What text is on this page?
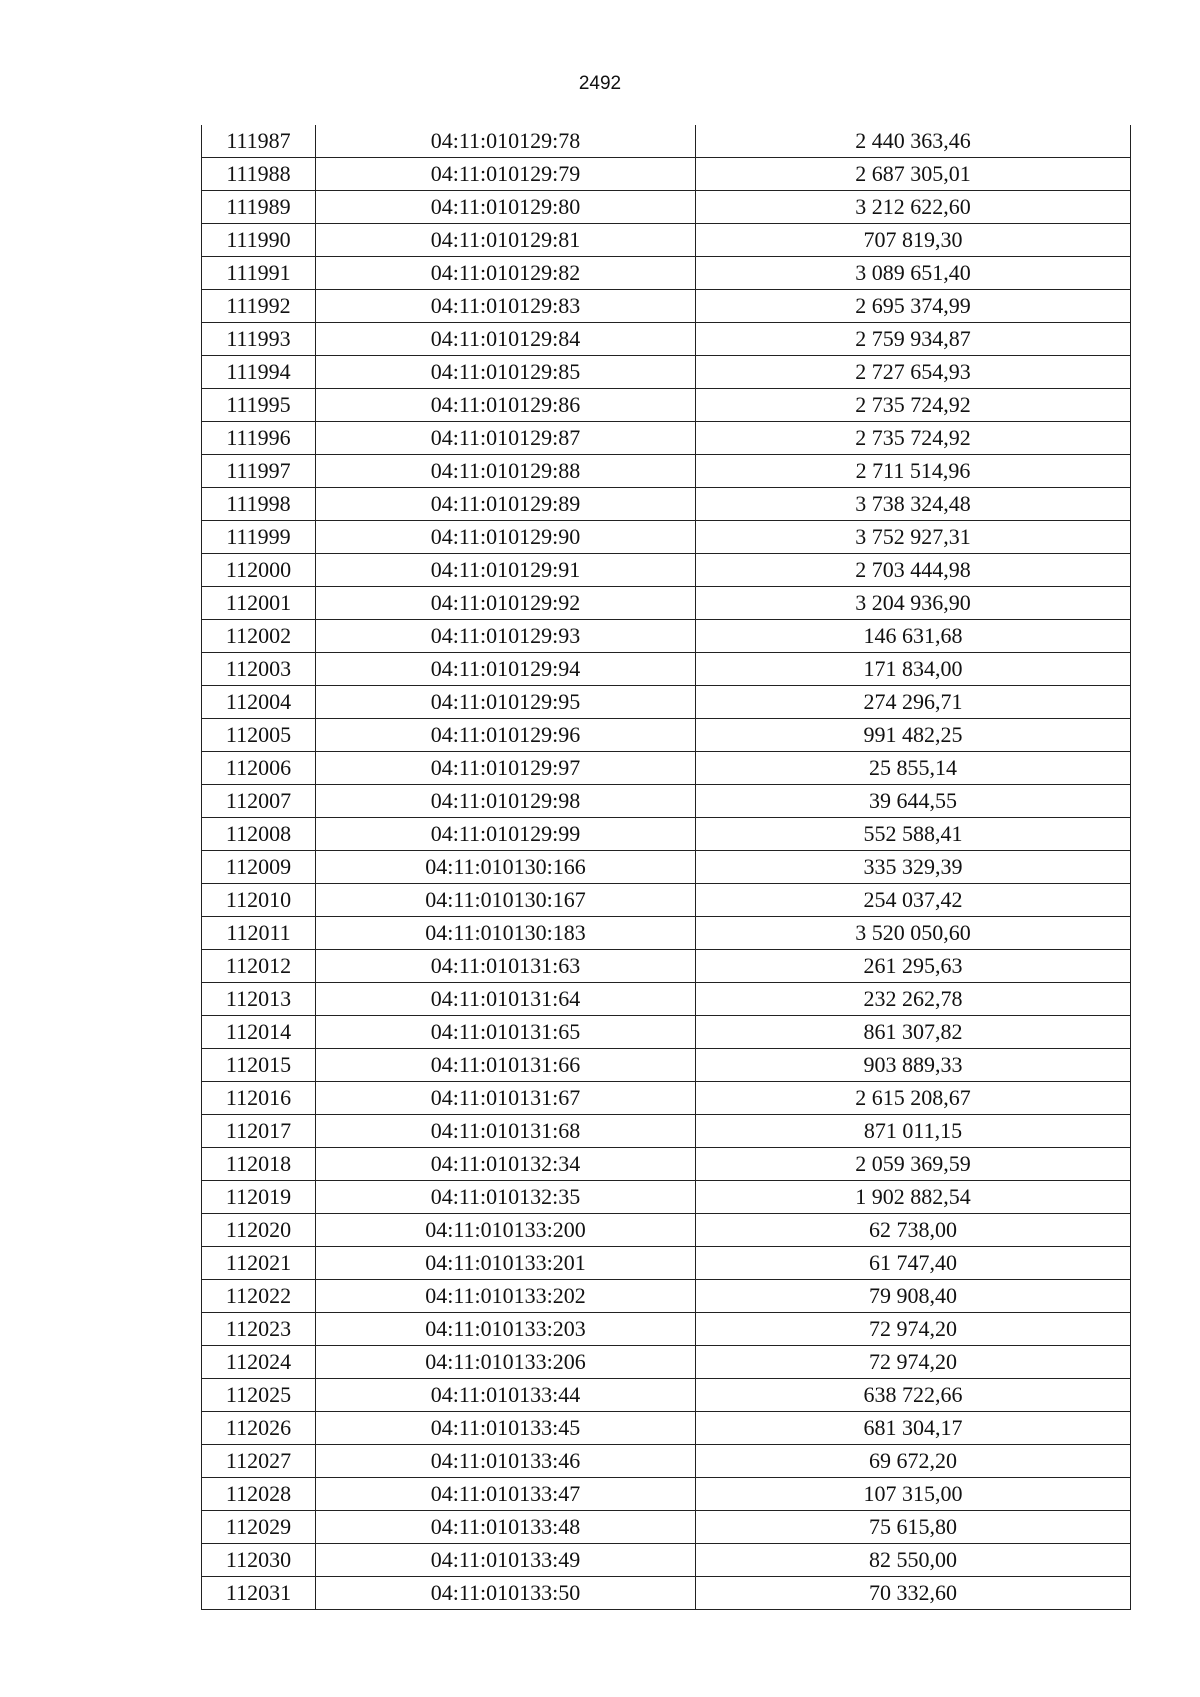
2492
111987	04:11:010129:78	2 440 363,46
111988	04:11:010129:79	2 687 305,01
111989	04:11:010129:80	3 212 622,60
111990	04:11:010129:81	707 819,30
111991	04:11:010129:82	3 089 651,40
111992	04:11:010129:83	2 695 374,99
111993	04:11:010129:84	2 759 934,87
111994	04:11:010129:85	2 727 654,93
111995	04:11:010129:86	2 735 724,92
111996	04:11:010129:87	2 735 724,92
111997	04:11:010129:88	2 711 514,96
111998	04:11:010129:89	3 738 324,48
111999	04:11:010129:90	3 752 927,31
112000	04:11:010129:91	2 703 444,98
112001	04:11:010129:92	3 204 936,90
112002	04:11:010129:93	146 631,68
112003	04:11:010129:94	171 834,00
112004	04:11:010129:95	274 296,71
112005	04:11:010129:96	991 482,25
112006	04:11:010129:97	25 855,14
112007	04:11:010129:98	39 644,55
112008	04:11:010129:99	552 588,41
112009	04:11:010130:166	335 329,39
112010	04:11:010130:167	254 037,42
112011	04:11:010130:183	3 520 050,60
112012	04:11:010131:63	261 295,63
112013	04:11:010131:64	232 262,78
112014	04:11:010131:65	861 307,82
112015	04:11:010131:66	903 889,33
112016	04:11:010131:67	2 615 208,67
112017	04:11:010131:68	871 011,15
112018	04:11:010132:34	2 059 369,59
112019	04:11:010132:35	1 902 882,54
112020	04:11:010133:200	62 738,00
112021	04:11:010133:201	61 747,40
112022	04:11:010133:202	79 908,40
112023	04:11:010133:203	72 974,20
112024	04:11:010133:206	72 974,20
112025	04:11:010133:44	638 722,66
112026	04:11:010133:45	681 304,17
112027	04:11:010133:46	69 672,20
112028	04:11:010133:47	107 315,00
112029	04:11:010133:48	75 615,80
112030	04:11:010133:49	82 550,00
112031	04:11:010133:50	70 332,60
